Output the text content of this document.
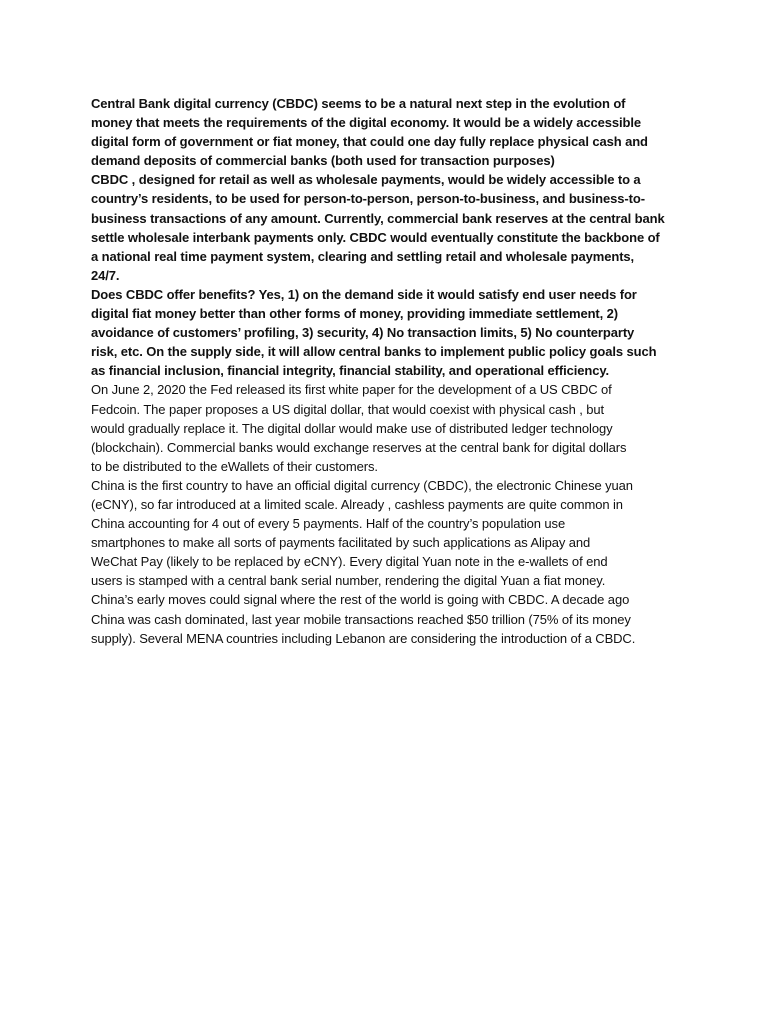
Central Bank digital currency (CBDC) seems to be a natural next step in the evolution of
money that meets the requirements of the digital economy. It would be a widely accessible
digital form of government or fiat money, that could one day fully replace physical cash and
demand deposits of commercial banks (both used for transaction purposes)
CBDC , designed for retail as well as wholesale payments, would be widely accessible to a
country’s residents, to be used for person-to-person, person-to-business, and business-to-
business transactions of any amount. Currently, commercial bank reserves at the central bank
settle wholesale interbank payments only. CBDC would eventually constitute the backbone of
a national real time payment system, clearing and settling retail and wholesale payments,
24/7.
Does CBDC offer benefits? Yes, 1) on the demand side it would satisfy end user needs for
digital fiat money better than other forms of money, providing immediate settlement, 2)
avoidance of customers’ profiling, 3) security, 4) No transaction limits, 5) No counterparty
risk, etc. On the supply side, it will allow central banks to implement public policy goals such
as financial inclusion, financial integrity, financial stability, and operational efficiency.
On June 2, 2020 the Fed released its first white paper for the development of a US CBDC of
Fedcoin. The paper proposes a US digital dollar, that would coexist with physical cash , but
would gradually replace it. The digital dollar would make use of distributed ledger technology
(blockchain). Commercial banks would exchange reserves at the central bank for digital dollars
to be distributed to the eWallets of their customers.
China is the first country to have an official digital currency (CBDC), the electronic Chinese yuan
(eCNY), so far introduced at a limited scale. Already , cashless payments are quite common in
China accounting for 4 out of every 5 payments. Half of the country’s population use
smartphones to make all sorts of payments facilitated by such applications as Alipay and
WeChat Pay (likely to be replaced by eCNY). Every digital Yuan note in the e-wallets of end
users is stamped with a central bank serial number, rendering the digital Yuan a fiat money.
China’s early moves could signal where the rest of the world is going with CBDC. A decade ago
China was cash dominated, last year mobile transactions reached $50 trillion (75% of its money
supply). Several MENA countries including Lebanon are considering the introduction of a CBDC.
